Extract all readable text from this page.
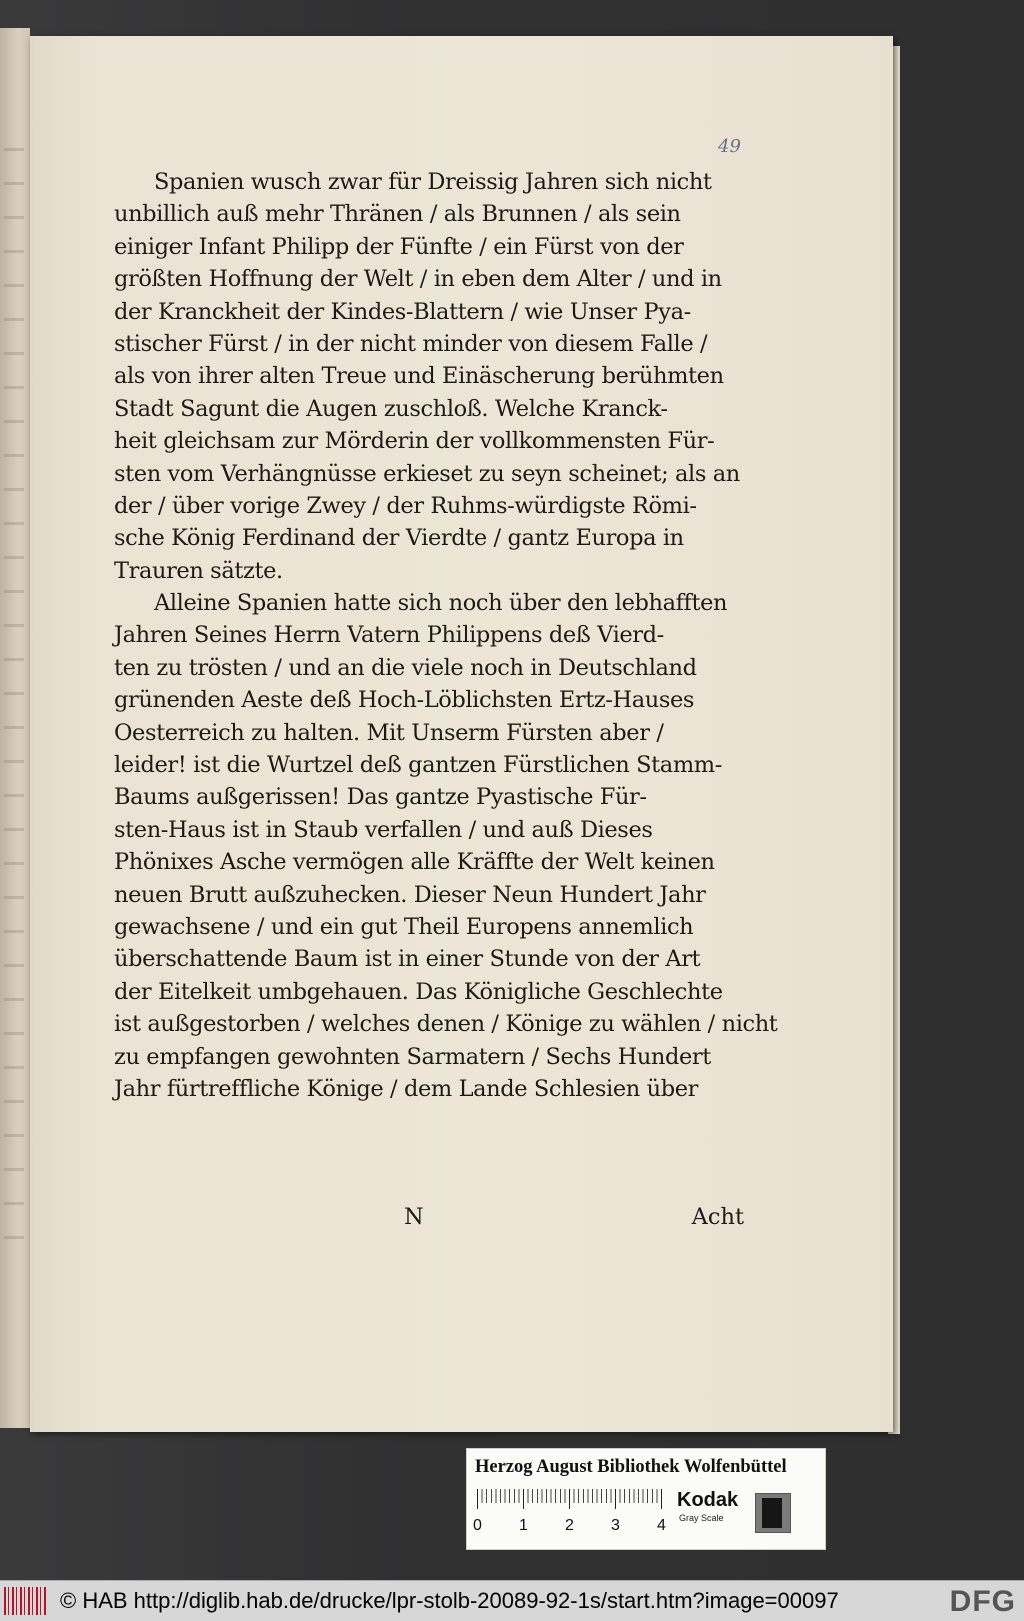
49
Spanien wusch zwar für Dreissig Jahren sich nicht
unbillich auß mehr Thränen / als Brunnen / als sein
einiger Infant Philipp der Fünfte / ein Fürst von der
größten Hoffnung der Welt / in eben dem Alter / und in
der Kranckheit der Kindes-Blattern / wie Unser Pya-
stischer Fürst / in der nicht minder von diesem Falle /
als von ihrer alten Treue und Einäscherung berühmten
Stadt Sagunt die Augen zuschloß. Welche Kranck-
heit gleichsam zur Mörderin der vollkommensten Für-
sten vom Verhängnüsse erkieset zu seyn scheinet; als an
der / über vorige Zwey / der Ruhms-würdigste Römi-
sche König Ferdinand der Vierdte / gantz Europa in
Trauren sätzte.
Alleine Spanien hatte sich noch über den lebhafften
Jahren Seines Herrn Vatern Philippens deß Vierd-
ten zu trösten / und an die viele noch in Deutschland
grünenden Aeste deß Hoch-Löblichsten Ertz-Hauses
Oesterreich zu halten. Mit Unserm Fürsten aber /
leider! ist die Wurtzel deß gantzen Fürstlichen Stamm-
Baums außgerissen! Das gantze Pyastische Für-
sten-Haus ist in Staub verfallen / und auß Dieses
Phönixes Asche vermögen alle Kräffte der Welt keinen
neuen Brutt außzuhecken. Dieser Neun Hundert Jahr
gewachsene / und ein gut Theil Europens annemlich
überschattende Baum ist in einer Stunde von der Art
der Eitelkeit umbgehauen. Das Königliche Geschlechte
ist außgestorben / welches denen / Könige zu wählen / nicht
zu empfangen gewohnten Sarmatern / Sechs Hundert
Jahr fürtreffliche Könige / dem Lande Schlesien über
N	Acht
Herzog August Bibliothek Wolfenbüttel
0 1 2 3 4
Kodak
Gray Scale
© HAB http://diglib.hab.de/drucke/lpr-stolb-20089-92-1s/start.htm?image=00097	DFG
